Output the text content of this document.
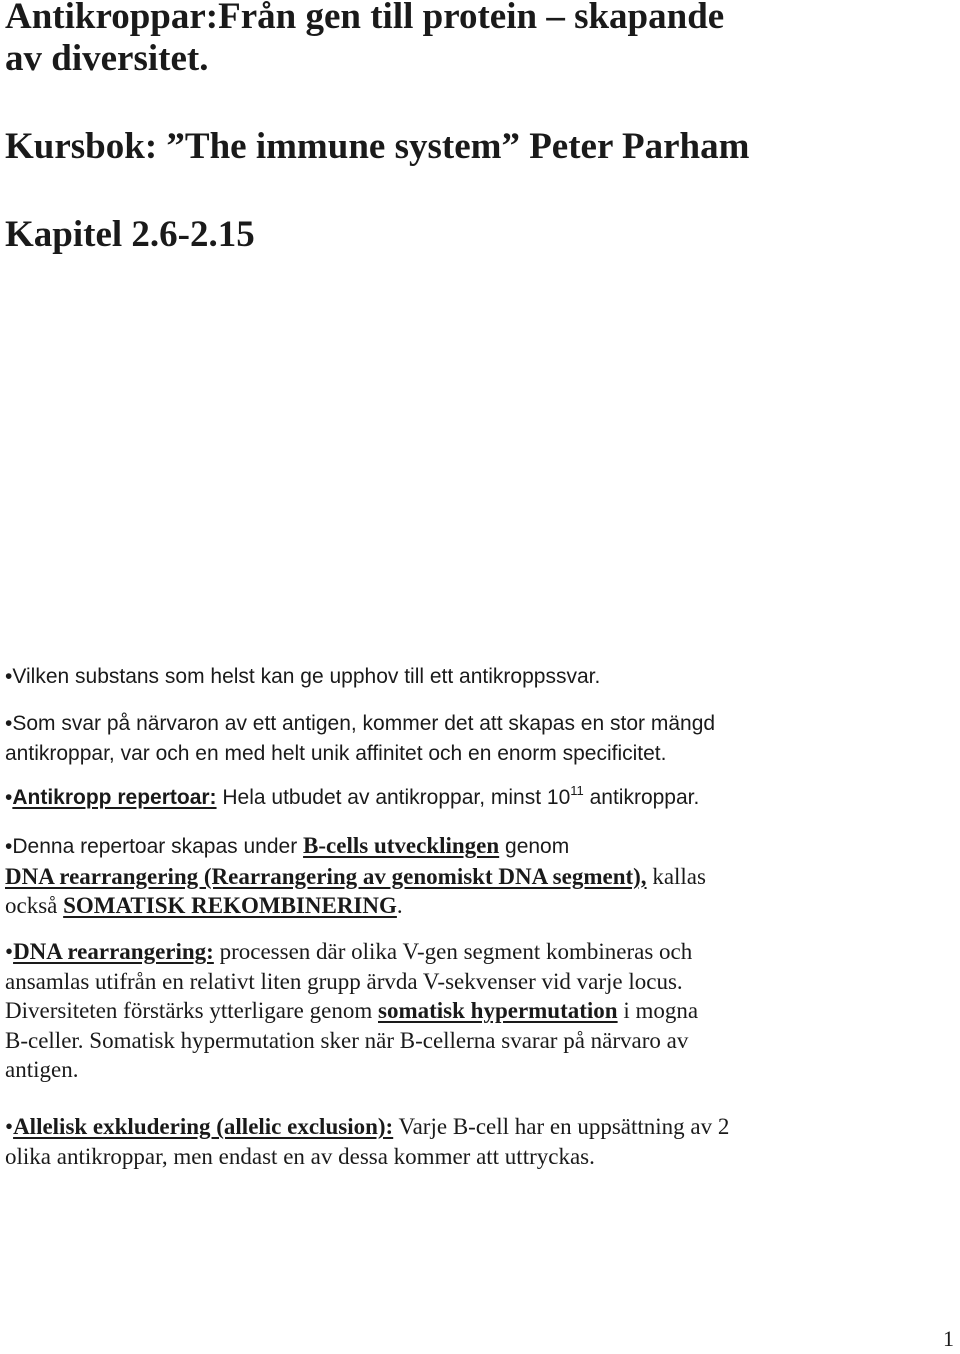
Antikroppar:Från gen till protein – skapande
av diversitet.
Kursbok: ”The immune system” Peter Parham
Kapitel 2.6-2.15

•Vilken substans som helst kan ge upphov till ett antikroppssvar.

•Som svar på närvaron av ett antigen, kommer det att skapas en stor mängd
antikroppar, var och en med helt unik affinitet och en enorm specificitet.

•Antikropp repertoar: Hela utbudet av antikroppar, minst $10^{11}$ antikroppar.

•Denna repertoar skapas under B-cells utvecklingen genom
DNA rearrangering (Rearrangering av genomiskt DNA segment), kallas
också SOMATISK REKOMBINERING.

•DNA rearrangering: processen där olika V-gen segment kombineras och
ansamlas utifrån en relativt liten grupp ärvda V-sekvenser vid varje locus.
Diversiteten förstärks ytterligare genom somatisk hypermutation i mogna
B-celler. Somatisk hypermutation sker när B-cellerna svarar på närvaro av
antigen.

•Allelisk exkludering (allelic exclusion): Varje B-cell har en uppsättning av 2
olika antikroppar, men endast en av dessa kommer att uttryckas.

1
